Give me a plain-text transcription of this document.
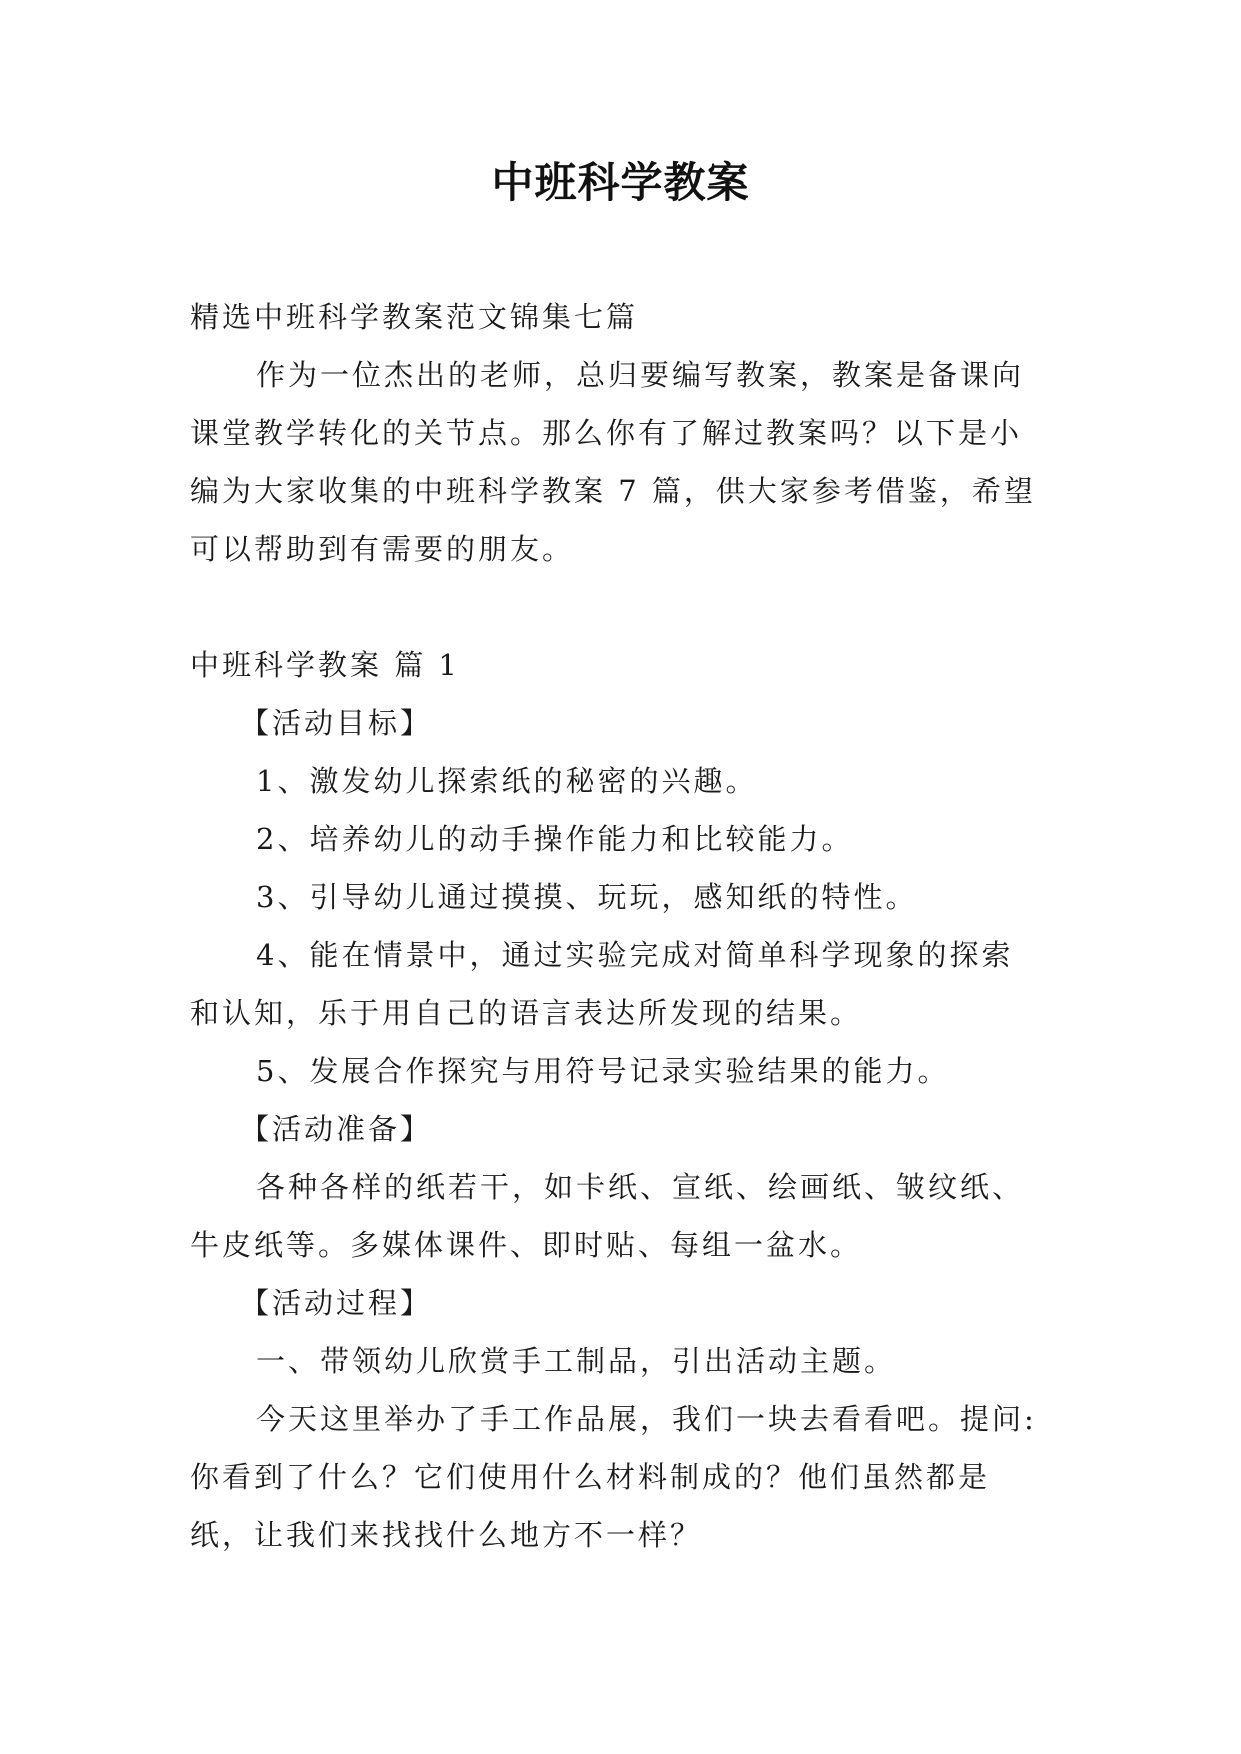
中班科学教案
精选中班科学教案范文锦集七篇
作为一位杰出的老师，总归要编写教案，教案是备课向
课堂教学转化的关节点。那么你有了解过教案吗？以下是小
编为大家收集的中班科学教案 7 篇，供大家参考借鉴，希望
可以帮助到有需要的朋友。
中班科学教案 篇 1
【活动目标】
1、激发幼儿探索纸的秘密的兴趣。
2、培养幼儿的动手操作能力和比较能力。
3、引导幼儿通过摸摸、玩玩，感知纸的特性。
4、能在情景中，通过实验完成对简单科学现象的探索
和认知，乐于用自己的语言表达所发现的结果。
5、发展合作探究与用符号记录实验结果的能力。
【活动准备】
各种各样的纸若干，如卡纸、宣纸、绘画纸、皱纹纸、
牛皮纸等。多媒体课件、即时贴、每组一盆水。
【活动过程】
一、带领幼儿欣赏手工制品，引出活动主题。
今天这里举办了手工作品展，我们一块去看看吧。提问:
你看到了什么？它们使用什么材料制成的？他们虽然都是
纸，让我们来找找什么地方不一样？
